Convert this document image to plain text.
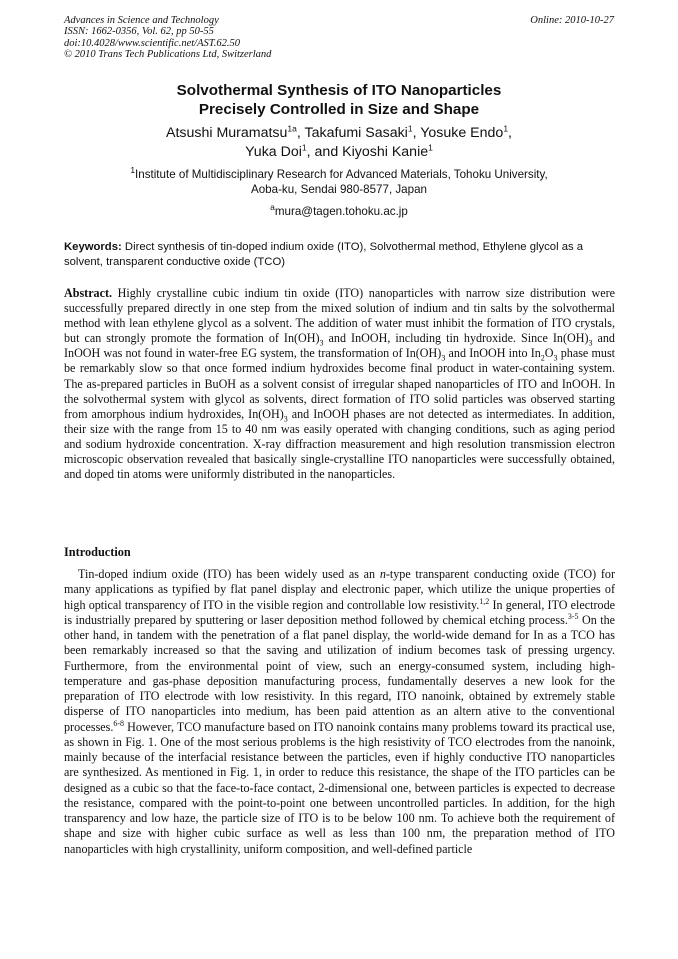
Advances in Science and Technology
ISSN: 1662-0356, Vol. 62, pp 50-55
doi:10.4028/www.scientific.net/AST.62.50
© 2010 Trans Tech Publications Ltd, Switzerland
Online: 2010-10-27
Solvothermal Synthesis of ITO Nanoparticles
Precisely Controlled in Size and Shape
Atsushi Muramatsu$^{1a}$, Takafumi Sasaki$^1$, Yosuke Endo$^1$,
Yuka Doi$^1$, and Kiyoshi Kanie$^1$
$^1$Institute of Multidisciplinary Research for Advanced Materials, Tohoku University,
Aoba-ku, Sendai 980-8577, Japan
$^a$mura@tagen.tohoku.ac.jp
Keywords: Direct synthesis of tin-doped indium oxide (ITO), Solvothermal method, Ethylene glycol as a solvent, transparent conductive oxide (TCO)
Abstract. Highly crystalline cubic indium tin oxide (ITO) nanoparticles with narrow size distribution were successfully prepared directly in one step from the mixed solution of indium and tin salts by the solvothermal method with lean ethylene glycol as a solvent. The addition of water must inhibit the formation of ITO crystals, but can strongly promote the formation of $In(OH)_3$ and InOOH, including tin hydroxide. Since $In(OH)_3$ and InOOH was not found in water-free EG system, the transformation of $In(OH)_3$ and InOOH into $In_2O_3$ phase must be remarkably slow so that once formed indium hydroxides become final product in water-containing system. The as-prepared particles in BuOH as a solvent consist of irregular shaped nanoparticles of ITO and InOOH. In the solvothermal system with glycol as solvents, direct formation of ITO solid particles was observed starting from amorphous indium hydroxides, $In(OH)_3$ and InOOH phases are not detected as intermediates. In addition, their size with the range from 15 to 40 nm was easily operated with changing conditions, such as aging period and sodium hydroxide concentration. X-ray diffraction measurement and high resolution transmission electron microscopic observation revealed that basically single-crystalline ITO nanoparticles were successfully obtained, and doped tin atoms were uniformly distributed in the nanoparticles.
Introduction
Tin-doped indium oxide (ITO) has been widely used as an n-type transparent conducting oxide (TCO) for many applications as typified by flat panel display and electronic paper, which utilize the unique properties of high optical transparency of ITO in the visible region and controllable low resistivity.$^{1,2}$ In general, ITO electrode is industrially prepared by sputtering or laser deposition method followed by chemical etching process.$^{3-5}$ On the other hand, in tandem with the penetration of a flat panel display, the world-wide demand for In as a TCO has been remarkably increased so that the saving and utilization of indium becomes task of pressing urgency. Furthermore, from the environmental point of view, such an energy-consumed system, including high-temperature and gas-phase deposition manufacturing process, fundamentally deserves a new look for the preparation of ITO electrode with low resistivity. In this regard, ITO nanoink, obtained by extremely stable disperse of ITO nanoparticles into medium, has been paid attention as an altern ative to the conventional processes.$^{6-8}$ However, TCO manufacture based on ITO nanoink contains many problems toward its practical use, as shown in Fig. 1. One of the most serious problems is the high resistivity of TCO electrodes from the nanoink, mainly because of the interfacial resistance between the particles, even if highly conductive ITO nanoparticles are synthesized. As mentioned in Fig. 1, in order to reduce this resistance, the shape of the ITO particles can be designed as a cubic so that the face-to-face contact, 2-dimensional one, between particles is expected to decrease the resistance, compared with the point-to-point one between uncontrolled particles. In addition, for the high transparency and low haze, the particle size of ITO is to be below 100 nm. To achieve both the requirement of shape and size with higher cubic surface as well as less than 100 nm, the preparation method of ITO nanoparticles with high crystallinity, uniform composition, and well-defined particle
